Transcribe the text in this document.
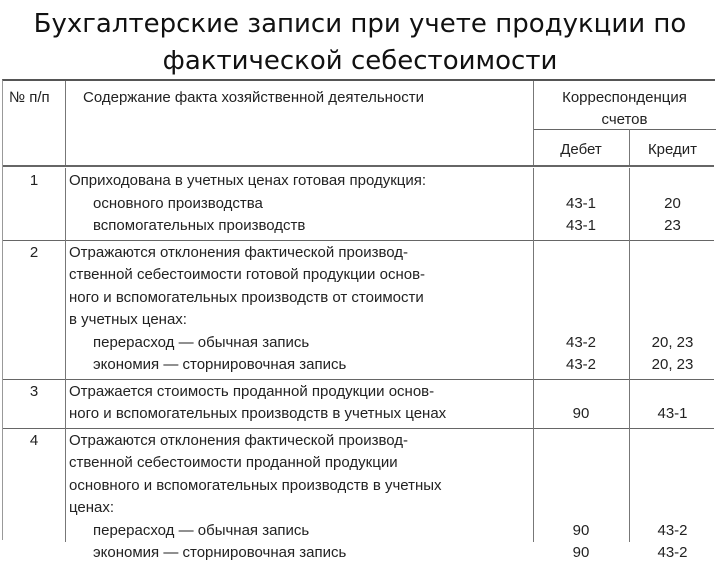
Бухгалтерские записи при учете продукции по
фактической себестоимости
№ п/п Содержание факта хозяйственной деятельности	Корреспонденция
счетов
Дебет	Кредит
1	Оприходована в учетных ценах готовая продукция:
основного производства	43-1	20
вспомогательных производств	43-1	23
2	Отражаются отклонения фактической производ-
ственной себестоимости готовой продукции основ-
ного и вспомогательных производств от стоимости
в учетных ценах:
перерасход — обычная запись	43-2	20, 23
экономия — сторнировочная запись	43-2	20, 23
3	Отражается стоимость проданной продукции основ-
ного и вспомогательных производств в учетных ценах	90	43-1
4	Отражаются отклонения фактической производ-
ственной себестоимости проданной продукции
основного и вспомогательных производств в учетных
ценах:
перерасход — обычная запись	90	43-2
экономия — сторнировочная запись	90	43-2
